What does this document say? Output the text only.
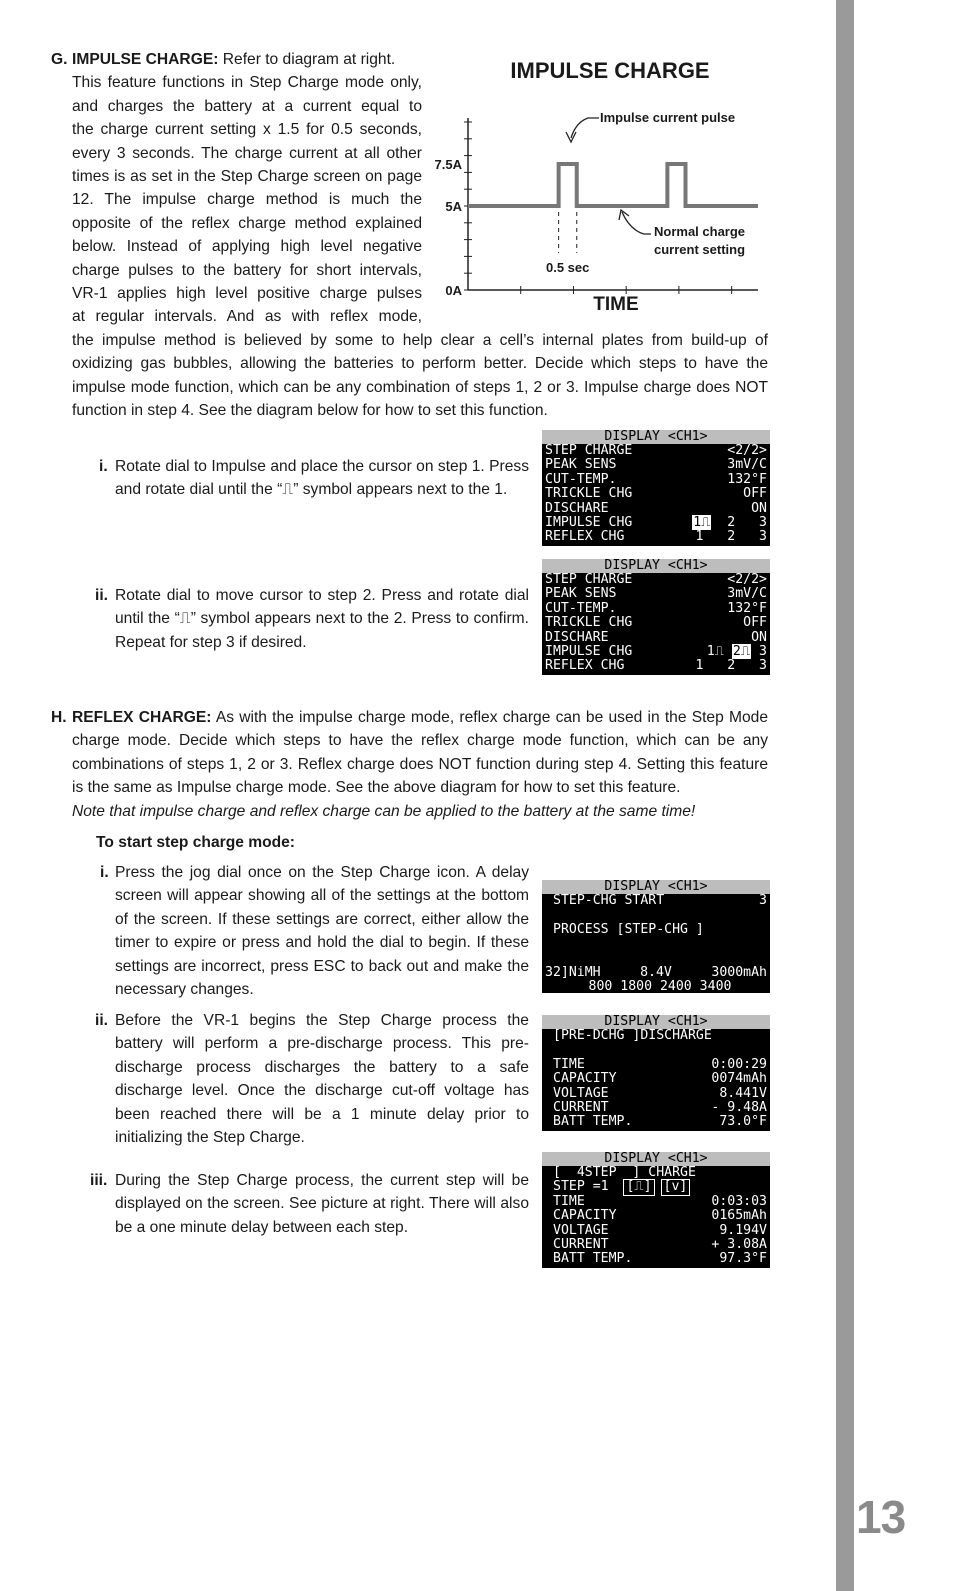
13
G. IMPULSE CHARGE: Refer to diagram at right.
This feature functions in Step Charge mode only,
and charges the battery at a current equal to
the charge current setting x 1.5 for 0.5 seconds,
every 3 seconds. The charge current at all other
times is as set in the Step Charge screen on page
12. The impulse charge method is much the
opposite of the reflex charge method explained
below. Instead of applying high level negative
charge pulses to the battery for short intervals,
VR-1 applies high level positive charge pulses
at regular intervals. And as with reflex mode,
IMPULSE CHARGE
0A
5A
7.5A
TIME
0.5 sec
Impulse current pulse
Normal charge
current setting
the impulse method is believed by some to help clear a cell’s internal plates from build-up of oxidizing gas bubbles, allowing the batteries to perform better. Decide which steps to have the impulse mode function, which can be any combination of steps 1, 2 or 3. Impulse charge does NOT function in step 4. See the diagram below for how to set this function.
i. Rotate dial to Impulse and place the cursor on step 1. Press and rotate dial until the “⎍” symbol appears next to the 1.
ii. Rotate dial to move cursor to step 2. Press and rotate dial until the “⎍” symbol appears next to the 2. Press to confirm. Repeat for step 3 if desired.
DISPLAY <CH1>
STEP CHARGE	<2/2>
PEAK SENS	3mV/C
CUT-TEMP.	132°F
TRICKLE CHG	OFF
DISCHARE	ON
IMPULSE CHG	1⎍ 2 3
REFLEX CHG	1 2 3
DISPLAY <CH1>
STEP CHARGE	<2/2>
PEAK SENS	3mV/C
CUT-TEMP.	132°F
TRICKLE CHG	OFF
DISCHARE	ON
IMPULSE CHG	1⎍ 2⎍ 3
REFLEX CHG	1 2 3
H. REFLEX CHARGE: As with the impulse charge mode, reflex charge can be used in the Step Mode charge mode. Decide which steps to have the reflex charge mode function, which can be any combinations of steps 1, 2 or 3. Reflex charge does NOT function during step 4. Setting this feature is the same as Impulse charge mode. See the above diagram for how to set this feature.
Note that impulse charge and reflex charge can be applied to the battery at the same time!
To start step charge mode:
i. Press the jog dial once on the Step Charge icon. A delay screen will appear showing all of the settings at the bottom of the screen. If these settings are correct, either allow the timer to expire or press and hold the dial to begin. If these settings are incorrect, press ESC to back out and make the necessary changes.
ii. Before the VR-1 begins the Step Charge process the battery will perform a pre-discharge process. This pre-discharge process discharges the battery to a safe discharge level. Once the discharge cut-off voltage has been reached there will be a 1 minute delay prior to initializing the Step Charge.
iii. During the Step Charge process, the current step will be displayed on the screen. See picture at right. There will also be a one minute delay between each step.
DISPLAY <CH1>
STEP-CHG START	3
PROCESS [STEP-CHG ]
32]NiMH	8.4V	3000mAh
800 1800 2400 3400
DISPLAY <CH1>
[PRE-DCHG ]DISCHARGE
TIME	0:00:29
CAPACITY	0074mAh
VOLTAGE	8.441V
CURRENT	- 9.48A
BATT TEMP.	73.0°F
DISPLAY <CH1>
[  4STEP  ] CHARGE
STEP =1
[⎍]
[v]
TIME	0:03:03
CAPACITY	0165mAh
VOLTAGE	9.194V
CURRENT	+ 3.08A
BATT TEMP.	97.3°F
